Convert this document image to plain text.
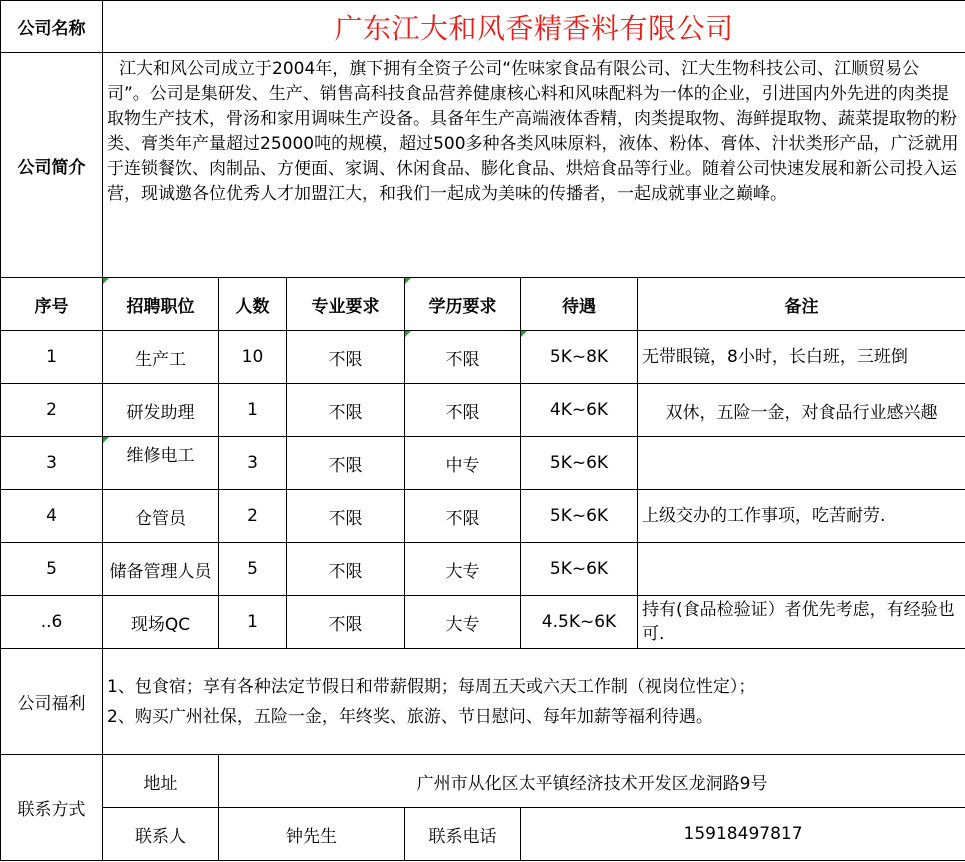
公司名称	广东江大和风香精香料有限公司					
公司简介	江大和风公司成立于2004年，旗下拥有全资子公司“佐味家食品有限公司、江大生物科技公司、江顺贸易公司”。公司是集研发、生产、销售高科技食品营养健康核心料和风味配料为一体的企业，引进国内外先进的肉类提取物生产技术，骨汤和家用调味生产设备。具备年生产高端液体香精，肉类提取物、海鲜提取物、蔬菜提取物的粉类、膏类年产量超过25000吨的规模，超过500多种各类风味原料，液体、粉体、膏体、汁状类形产品，广泛就用于连锁餐饮、肉制品、方便面、家调、休闲食品、膨化食品、烘焙食品等行业。随着公司快速发展和新公司投入运营，现诚邀各位优秀人才加盟江大，和我们一起成为美味的传播者，一起成就事业之巅峰。					
序号	招聘职位	人数	专业要求	学历要求	待遇	备注
1	生产工	10	不限	不限	5K~8K	无带眼镜，8小时，长白班，三班倒
2	研发助理	1	不限	不限	4K~6K	双休，五险一金，对食品行业感兴趣
3	维修电工	3	不限	中专	5K~6K	
4	仓管员	2	不限	不限	5K~6K	上级交办的工作事项，吃苦耐劳.
5	储备管理人员	5	不限	大专	5K~6K	
..6	现场QC	1	不限	大专	4.5K~6K	持有(食品检验证）者优先考虑，有经验也可.
公司福利	1、包食宿；享有各种法定节假日和带薪假期；每周五天或六天工作制（视岗位性定）；
2、购买广州社保，五险一金，年终奖、旅游、节日慰问、每年加薪等福利待遇。					

联系方式	地址	广州市从化区太平镇经济技术开发区龙洞路9号				
	联系人	钟先生		联系电话	15918497817	
